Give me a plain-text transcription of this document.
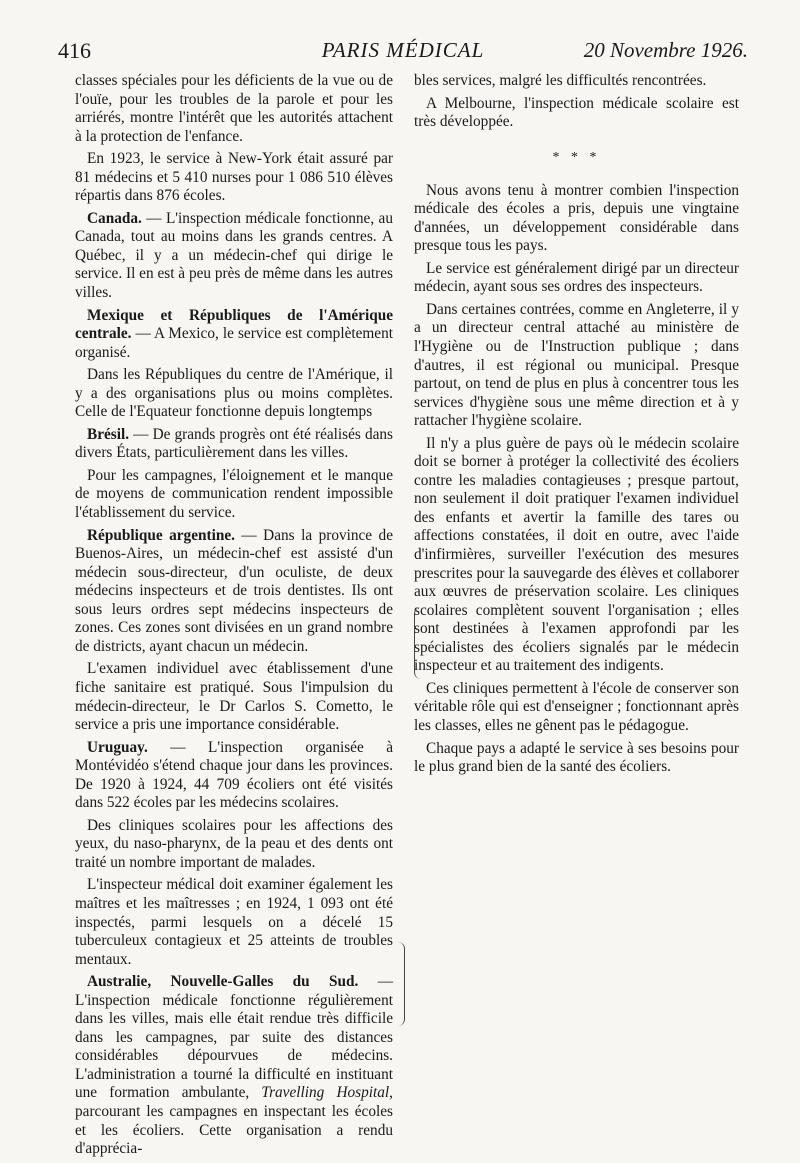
416	PARIS MÉDICAL	20 Novembre 1926.

classes spéciales pour les déficients de la vue ou de l'ouïe, pour les troubles de la parole et pour les arriérés, montre l'intérêt que les autorités attachent à la protection de l'enfance.

En 1923, le service à New-York était assuré par 81 médecins et 5 410 nurses pour 1 086 510 élèves répartis dans 876 écoles.

Canada. — L'inspection médicale fonctionne, au Canada, tout au moins dans les grands centres. A Québec, il y a un médecin-chef qui dirige le service. Il en est à peu près de même dans les autres villes.

Mexique et Républiques de l'Amérique centrale. — A Mexico, le service est complètement organisé.

Dans les Républiques du centre de l'Amérique, il y a des organisations plus ou moins complètes. Celle de l'Equateur fonctionne depuis longtemps

Brésil. — De grands progrès ont été réalisés dans divers États, particulièrement dans les villes.

Pour les campagnes, l'éloignement et le manque de moyens de communication rendent impossible l'établissement du service.

République argentine. — Dans la province de Buenos-Aires, un médecin-chef est assisté d'un médecin sous-directeur, d'un oculiste, de deux médecins inspecteurs et de trois dentistes. Ils ont sous leurs ordres sept médecins inspecteurs de zones. Ces zones sont divisées en un grand nombre de districts, ayant chacun un médecin.

L'examen individuel avec établissement d'une fiche sanitaire est pratiqué. Sous l'impulsion du médecin-directeur, le Dr Carlos S. Cometto, le service a pris une importance considérable.

Uruguay. — L'inspection organisée à Montévidéo s'étend chaque jour dans les provinces. De 1920 à 1924, 44 709 écoliers ont été visités dans 522 écoles par les médecins scolaires.

Des cliniques scolaires pour les affections des yeux, du naso-pharynx, de la peau et des dents ont traité un nombre important de malades.

L'inspecteur médical doit examiner également les maîtres et les maîtresses ; en 1924, 1 093 ont été inspectés, parmi lesquels on a décelé 15 tuberculeux contagieux et 25 atteints de troubles mentaux.

Australie, Nouvelle-Galles du Sud. — L'inspection médicale fonctionne régulièrement dans les villes, mais elle était rendue très difficile dans les campagnes, par suite des distances considérables dépourvues de médecins. L'administration a tourné la difficulté en instituant une formation ambulante, Travelling Hospital, parcourant les campagnes en inspectant les écoles et les écoliers. Cette organisation a rendu d'apprécia-

bles services, malgré les difficultés rencontrées.

A Melbourne, l'inspection médicale scolaire est très développée.

* * *

Nous avons tenu à montrer combien l'inspection médicale des écoles a pris, depuis une vingtaine d'années, un développement considérable dans presque tous les pays.

Le service est généralement dirigé par un directeur médecin, ayant sous ses ordres des inspecteurs.

Dans certaines contrées, comme en Angleterre, il y a un directeur central attaché au ministère de l'Hygiène ou de l'Instruction publique ; dans d'autres, il est régional ou municipal. Presque partout, on tend de plus en plus à concentrer tous les services d'hygiène sous une même direction et à y rattacher l'hygiène scolaire.

Il n'y a plus guère de pays où le médecin scolaire doit se borner à protéger la collectivité des écoliers contre les maladies contagieuses ; presque partout, non seulement il doit pratiquer l'examen individuel des enfants et avertir la famille des tares ou affections constatées, il doit en outre, avec l'aide d'infirmières, surveiller l'exécution des mesures prescrites pour la sauvegarde des élèves et collaborer aux œuvres de préservation scolaire. Les cliniques scolaires complètent souvent l'organisation ; elles sont destinées à l'examen approfondi par les spécialistes des écoliers signalés par le médecin inspecteur et au traitement des indigents.

Ces cliniques permettent à l'école de conserver son véritable rôle qui est d'enseigner ; fonctionnant après les classes, elles ne gênent pas le pédagogue.

Chaque pays a adapté le service à ses besoins pour le plus grand bien de la santé des écoliers.
